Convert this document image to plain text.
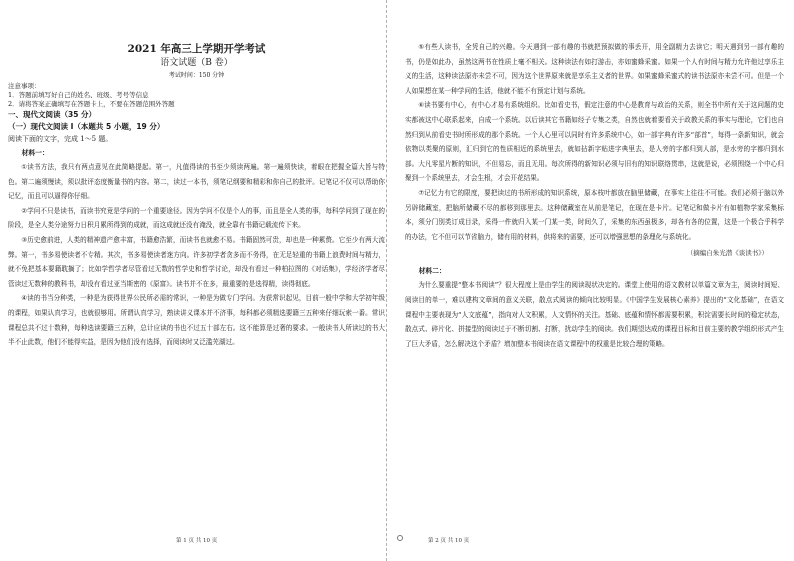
2021 年高三上学期开学考试
语文试题（B 卷）
考试时间：150 分钟
注意事项：
1．答题前填写好自己的姓名、班级、考号等信息
2．请将答案正确填写在答题卡上，不要在答题范围外答题
一、现代文阅读（35 分）
（一）现代文阅读 I（本题共 5 小题，19 分）
阅读下面的文字，完成 1～5 题。
材料一：

①读书方法，我只有两点意见在此简略提起。第一，凡值得读的书至少须读两遍。第一遍须快读，着眼在把握全篇大旨与特色。第二遍须慢读，须以批评态度衡量书的内容。第二，读过一本书，须笔记纲要和精彩和你自己的批评。记笔记不仅可以帮助你记忆，而且可以逼得你仔细。

②学问不只是读书，而读书究竟是学问的一个重要途径。因为学问不仅是个人的事，而且是全人类的事，每科学问到了现在的阶段，是全人类分途努力日积月累所得到的成就，而这成就还没有淹没，就全靠有书籍记载流传下来。

③历史愈前进，人类的精神遗产愈丰富，书籍愈浩繁，而读书也就愈不易。书籍固然可贵，却也是一种累赘。它至少有两大流弊。第一，书多易使读者不专精。其次，书多易使读者迷方向。许多初学者贪多而不务得，在无足轻重的书籍上浪费时间与精力，就不免把基本要籍耽搁了；比如学哲学者尽管看过无数的哲学史和哲学讨论，却没有看过一种柏拉图的《对话集》，学经济学者尽管读过无数种的教科书，却没有看过亚当斯密的《原富》。读书并不在多，最重要的是选得精，读得彻底。

④读的书当分种类，一种是为获得世界公民所必需的常识，一种是为做专门学问。为获常识起见，目前一般中学和大学初年级的课程，如果认真学习，也就很够用。所谓认真学习，熟读讲义课本并不济事，每科都必须精选要籍三五种来仔细玩索一番。常识课程总共不过十数种，每种选读要籍三五种，总计应读的书也不过五十部左右。这不能算是过奢的要求。一般读书人所读过的书大半不止此数，他们不能得实益，是因为他们没有选择，而阅读时又泛滥芜湖过。

⑤有些人读书，全凭自己的兴趣。今天遇到一部有趣的书就把预拟做的事丢开，用全副精力去读它；明天遇到另一部有趣的书，仍是如此办，虽然这两书在性质上毫不相关。这种读法有如打游击，亦如蜜蜂采蜜。如果一个人有时间与精力允许他过享乐主义的生活，这种读法原亦未尝不可，因为这个世界原来就是享乐主义者的世界。如果蜜蜂采蜜式的读书法原亦未尝不可。但是一个人如果想在某一种学问的生活，他就不能不有预定计划与系统。

⑥读书要有中心，有中心才易有系统组织。比如看史书，假定注意的中心是教育与政治的关系，则全书中所有关于这问题的史实都被这中心联系起来，自成一个系统。以后读其它书籍如经子专集之类，自然也就着要看关于政教关系的事实与理论，它们也自然归到从前看史书时所形成的那个系统。一个人心里可以同时有许多系统中心，如一部字典有许多“部首”，每得一条新知识，就会依物以类聚的原则，汇归到它的性质相近的系统里去，就如拈新字贴进字典里去，是人旁的字都归到人部，是水旁的字都归到水部。大凡零星片断的知识，不但易忘，而且无用。每次所得的新知识必须与旧有的知识联络贯串，这就是说，必须围绕一个中心归聚到一个系统里去，才会生根，才会开花结果。

⑦记忆力有它的限度，要把读过的书所形成的知识系统，原本枝叶都放在脑里储藏，在事实上往往不可能。我们必须于脑以外另辟储藏室，把脑所储藏不尽的都移到那里去。这种储藏室在从前是笔记，在现在是卡片。记笔记和做卡片有如植物学家采集标本，须分门别类订成目录，采得一件就归入某一门某一类，时间久了，采集的东西虽极多，却各有各的位置，这是一个极合乎科学的办法，它不但可以节省脑力，储有用的材料，供将来的需要，还可以增强思想的条理化与系统化。

（摘编自朱光潜《谈读书》）
材料二：

为什么要重提“整本书阅读”？很大程度上是由学生的阅读现状决定的。课堂上使用的语文教材以单篇文章为主，阅读时间短、阅读目的单一，难以建构文章间的意义关联，散点式阅读的倾向比较明显。《中国学生发展核心素养》提出的“文化基础”，在语文课程中主要表现为“人文底蕴”，指向对人文积累，人文情怀的关注。基础、底蕴和情怀都需要积累，积淀需要长时间的稳定状态，散点式、碎片化、拼接型的阅读过于不断切割、打断，扰动学生的阅读。我们期望达成的课程目标和目前主要的教学组织形式产生了巨大矛盾，怎么解决这个矛盾？增加整本书阅读在语文课程中的权重是比较合理的策略。

第 1 页 共 10 页	第 2 页 共 10 页
